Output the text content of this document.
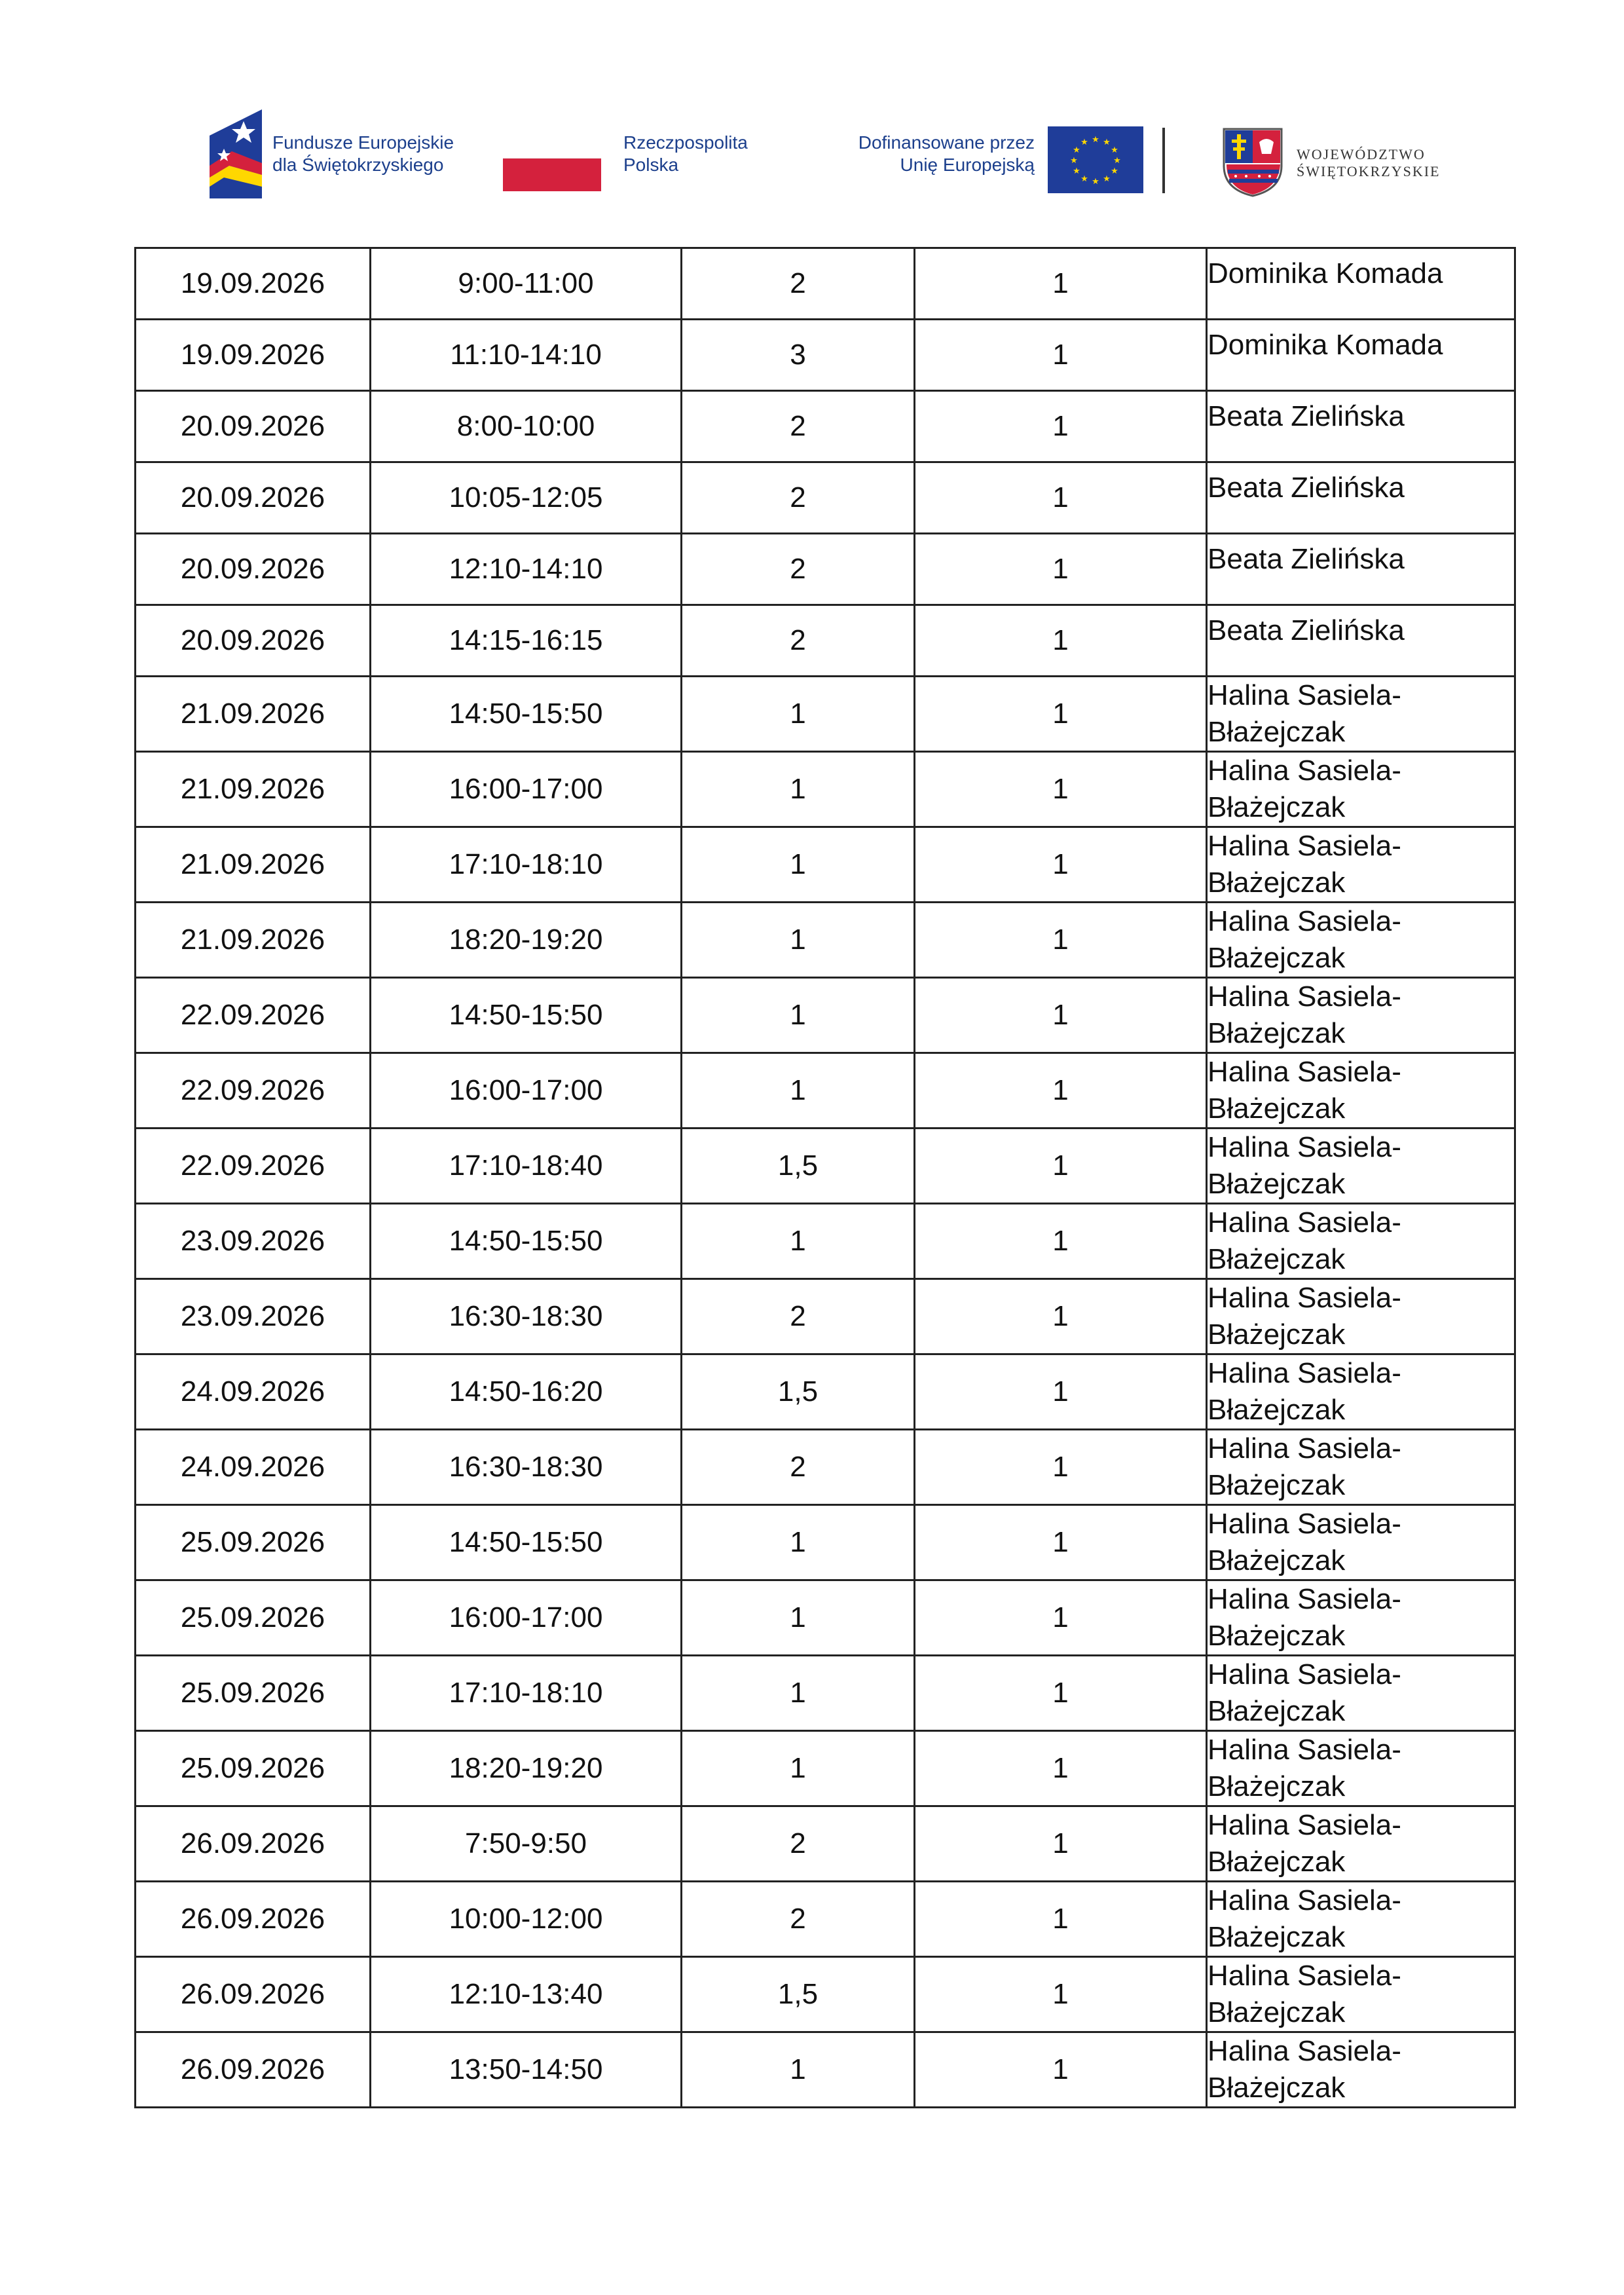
Fundusze Europejskie
dla Świętokrzyskiego
Rzeczpospolita
Polska
Dofinansowane przez
Unię Europejską
★ ★
★
★
★
★
★
★
★
★
★
★
WOJEWÓDZTWO
ŚWIĘTOKRZYSKIE
19.09.2026	9:00-11:00	2	1	Dominika Komada

19.09.2026	11:10-14:10	3	1	Dominika Komada

20.09.2026	8:00-10:00	2	1	Beata Zielińska

20.09.2026	10:05-12:05	2	1	Beata Zielińska

20.09.2026	12:10-14:10	2	1	Beata Zielińska

20.09.2026	14:15-16:15	2	1	Beata Zielińska

21.09.2026	14:50-15:50	1	1	Halina Sasiela-Błażejczak

21.09.2026	16:00-17:00	1	1	Halina Sasiela-Błażejczak

21.09.2026	17:10-18:10	1	1	Halina Sasiela-Błażejczak

21.09.2026	18:20-19:20	1	1	Halina Sasiela-Błażejczak

22.09.2026	14:50-15:50	1	1	Halina Sasiela-Błażejczak

22.09.2026	16:00-17:00	1	1	Halina Sasiela-Błażejczak

22.09.2026	17:10-18:40	1,5	1	Halina Sasiela-Błażejczak

23.09.2026	14:50-15:50	1	1	Halina Sasiela-Błażejczak

23.09.2026	16:30-18:30	2	1	Halina Sasiela-Błażejczak

24.09.2026	14:50-16:20	1,5	1	Halina Sasiela-Błażejczak

24.09.2026	16:30-18:30	2	1	Halina Sasiela-Błażejczak

25.09.2026	14:50-15:50	1	1	Halina Sasiela-Błażejczak

25.09.2026	16:00-17:00	1	1	Halina Sasiela-Błażejczak

25.09.2026	17:10-18:10	1	1	Halina Sasiela-Błażejczak

25.09.2026	18:20-19:20	1	1	Halina Sasiela-Błażejczak

26.09.2026	7:50-9:50	2	1	Halina Sasiela-Błażejczak

26.09.2026	10:00-12:00	2	1	Halina Sasiela-Błażejczak

26.09.2026	12:10-13:40	1,5	1	Halina Sasiela-Błażejczak

26.09.2026	13:50-14:50	1	1	Halina Sasiela-Błażejczak
